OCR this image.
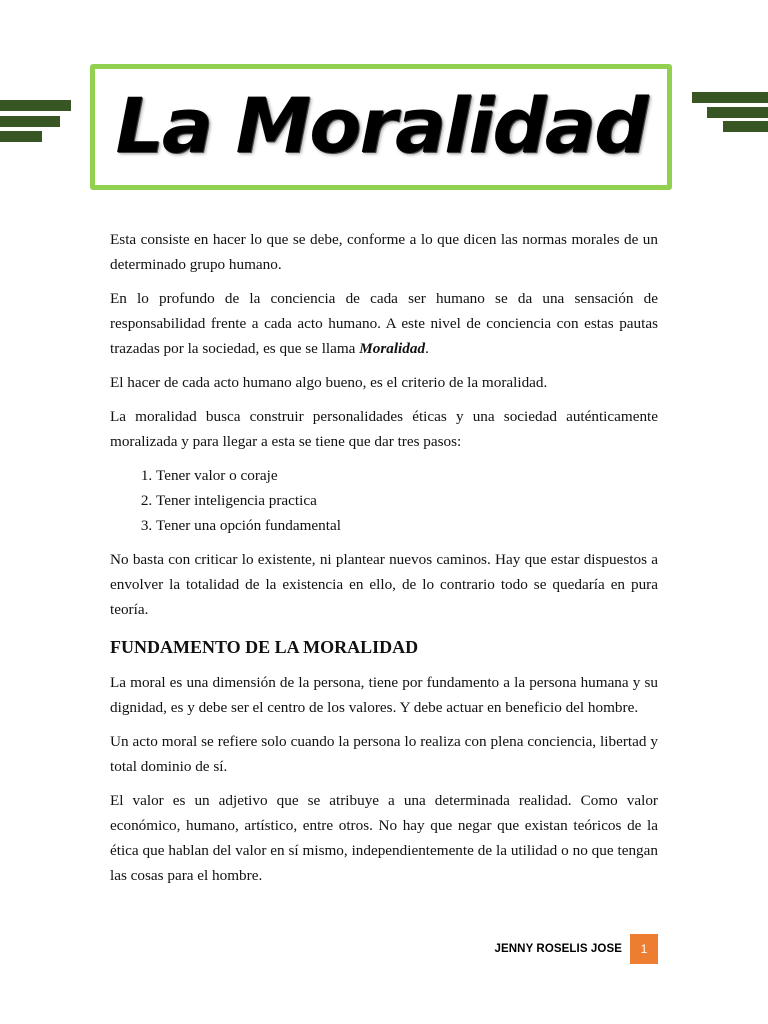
La Moralidad

Esta consiste en hacer lo que se debe, conforme a lo que dicen las normas morales de un determinado grupo humano.

En lo profundo de la conciencia de cada ser humano se da una sensación de responsabilidad frente a cada acto humano. A este nivel de conciencia con estas pautas trazadas por la sociedad, es que se llama Moralidad.

El hacer de cada acto humano algo bueno, es el criterio de la moralidad.

La moralidad busca construir personalidades éticas y una sociedad auténticamente moralizada y para llegar a esta se tiene que dar tres pasos:

1. Tener valor o coraje
2. Tener inteligencia practica
3. Tener una opción fundamental

No basta con criticar lo existente, ni plantear nuevos caminos. Hay que estar dispuestos a envolver la totalidad de la existencia en ello, de lo contrario todo se quedaría en pura teoría.

FUNDAMENTO DE LA MORALIDAD

La moral es una dimensión de la persona, tiene por fundamento a la persona humana y su dignidad, es y debe ser el centro de los valores. Y debe actuar en beneficio del hombre.

Un acto moral se refiere solo cuando la persona lo realiza con plena conciencia, libertad y total dominio de sí.

El valor es un adjetivo que se atribuye a una determinada realidad. Como valor económico, humano, artístico, entre otros. No hay que negar que existan teóricos de la ética que hablan del valor en sí mismo, independientemente de la utilidad o no que tengan las cosas para el hombre.

JENNY ROSELIS JOSE	1
